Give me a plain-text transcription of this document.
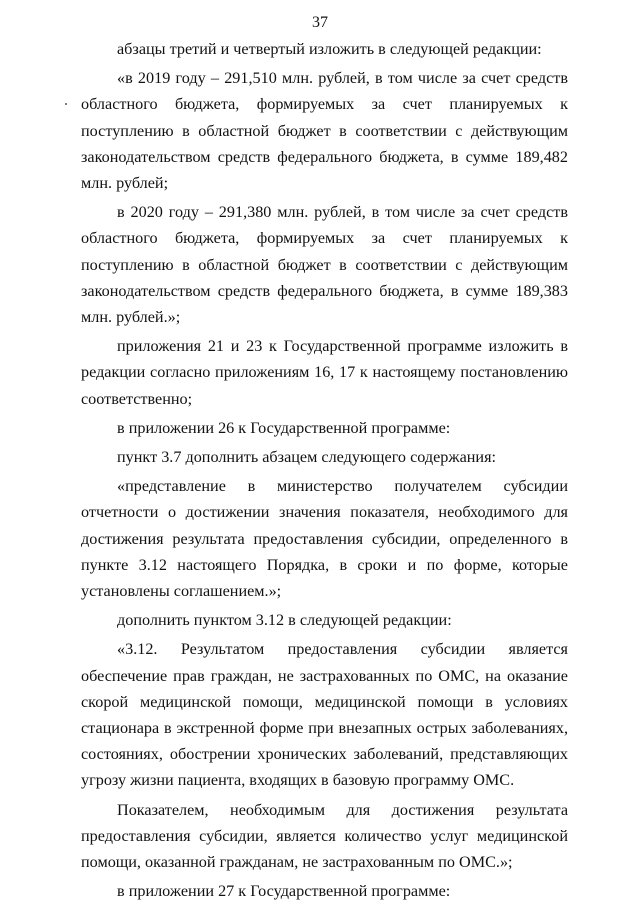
37

абзацы третий и четвертый изложить в следующей редакции:

«в 2019 году – 291,510 млн. рублей, в том числе за счет средств областного бюджета, формируемых за счет планируемых к поступлению в областной бюджет в соответствии с действующим законодательством средств федерального бюджета, в сумме 189,482 млн. рублей;

в 2020 году – 291,380 млн. рублей, в том числе за счет средств областного бюджета, формируемых за счет планируемых к поступлению в областной бюджет в соответствии с действующим законодательством средств федерального бюджета, в сумме 189,383 млн. рублей.»;

приложения 21 и 23 к Государственной программе изложить в редакции согласно приложениям 16, 17 к настоящему постановлению соответственно;

в приложении 26 к Государственной программе:

пункт 3.7 дополнить абзацем следующего содержания:

«представление в министерство получателем субсидии отчетности о достижении значения показателя, необходимого для достижения результата предоставления субсидии, определенного в пункте 3.12 настоящего Порядка, в сроки и по форме, которые установлены соглашением.»;

дополнить пунктом 3.12 в следующей редакции:

«3.12. Результатом предоставления субсидии является обеспечение прав граждан, не застрахованных по ОМС, на оказание скорой медицинской помощи, медицинской помощи в условиях стационара в экстренной форме при внезапных острых заболеваниях, состояниях, обострении хронических заболеваний, представляющих угрозу жизни пациента, входящих в базовую программу ОМС.

Показателем, необходимым для достижения результата предоставления субсидии, является количество услуг медицинской помощи, оказанной гражданам, не застрахованным по ОМС.»;

в приложении 27 к Государственной программе:
